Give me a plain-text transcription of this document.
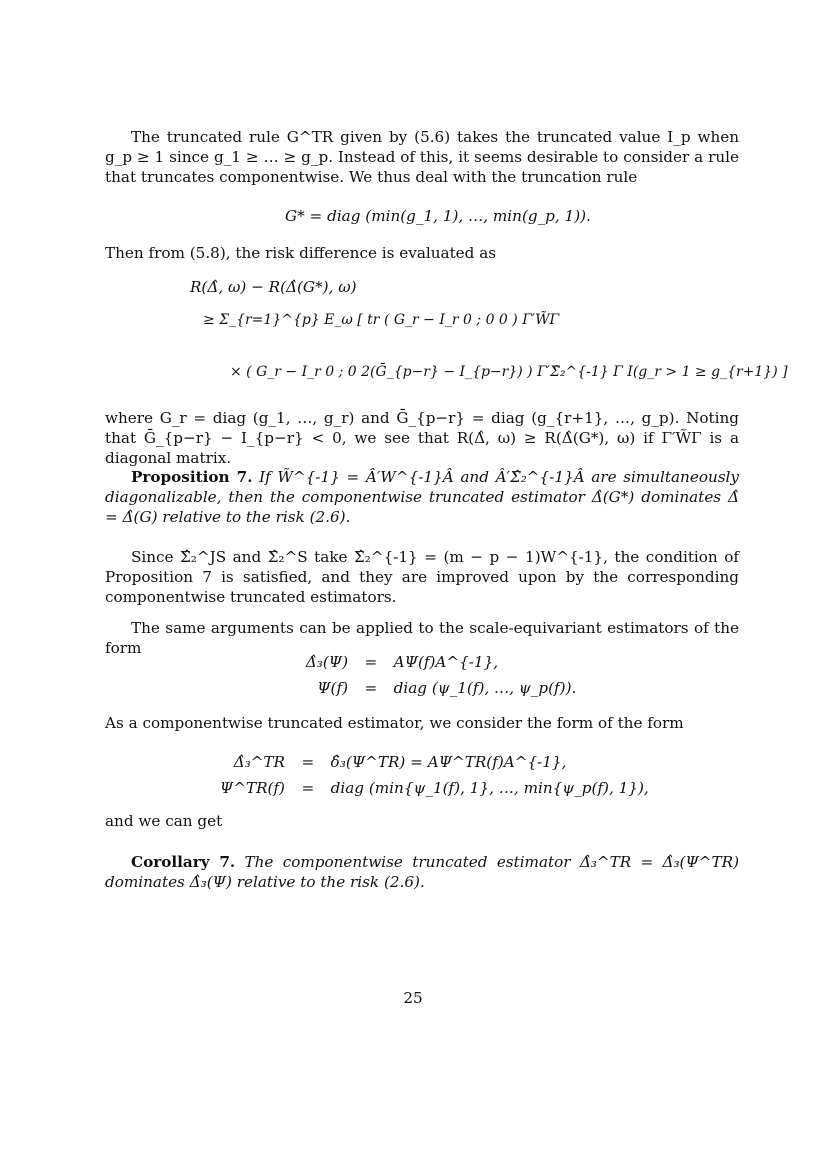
The truncated rule G^TR given by (5.6) takes the truncated value I_p when g_p ≥ 1 since g_1 ≥ … ≥ g_p. Instead of this, it seems desirable to consider a rule that truncates componentwise. We thus deal with the truncation rule

G* = diag (min(g_1, 1), …, min(g_p, 1)).

Then from (5.8), the risk difference is evaluated as

R(Δ̂, ω) − R(Δ̂(G*), ω)
≥ Σ_{r=1}^{p} E_ω [ tr ( G_r − I_r 0 ; 0 0 ) Γ′W̃Γ
× ( G_r − I_r 0 ; 0 2(Ḡ_{p−r} − I_{p−r}) ) Γ′Σ̂₂^{-1} Γ I(g_r > 1 ≥ g_{r+1}) ]

where G_r = diag (g_1, …, g_r) and Ḡ_{p−r} = diag (g_{r+1}, …, g_p). Noting that Ḡ_{p−r} − I_{p−r} < 0, we see that R(Δ̂, ω) ≥ R(Δ̂(G*), ω) if Γ′W̃Γ is a diagonal matrix.

Proposition 7. If W̃^{-1} = Â′W^{-1}Â and Â′Σ̂₂^{-1}Â are simultaneously diagonalizable, then the componentwise truncated estimator Δ̂(G*) dominates Δ̂ = Δ̂(G) relative to the risk (2.6).

Since Σ̂₂^JS and Σ̂₂^S take Σ̂₂^{-1} = (m − p − 1)W^{-1}, the condition of Proposition 7 is satisfied, and they are improved upon by the corresponding componentwise truncated estimators.

The same arguments can be applied to the scale-equivariant estimators of the form

Δ̂₃(Ψ) = AΨ(f)A^{-1},
Ψ(f) = diag (ψ_1(f), …, ψ_p(f)).

As a componentwise truncated estimator, we consider the form of the form

Δ̂₃^TR = δ̂₃(Ψ^TR) = AΨ^TR(f)A^{-1},
Ψ^TR(f) = diag (min{ψ_1(f), 1}, …, min{ψ_p(f), 1}),

and we can get

Corollary 7. The componentwise truncated estimator Δ̂₃^TR = Δ̂₃(Ψ^TR) dominates Δ̂₃(Ψ) relative to the risk (2.6).

25
